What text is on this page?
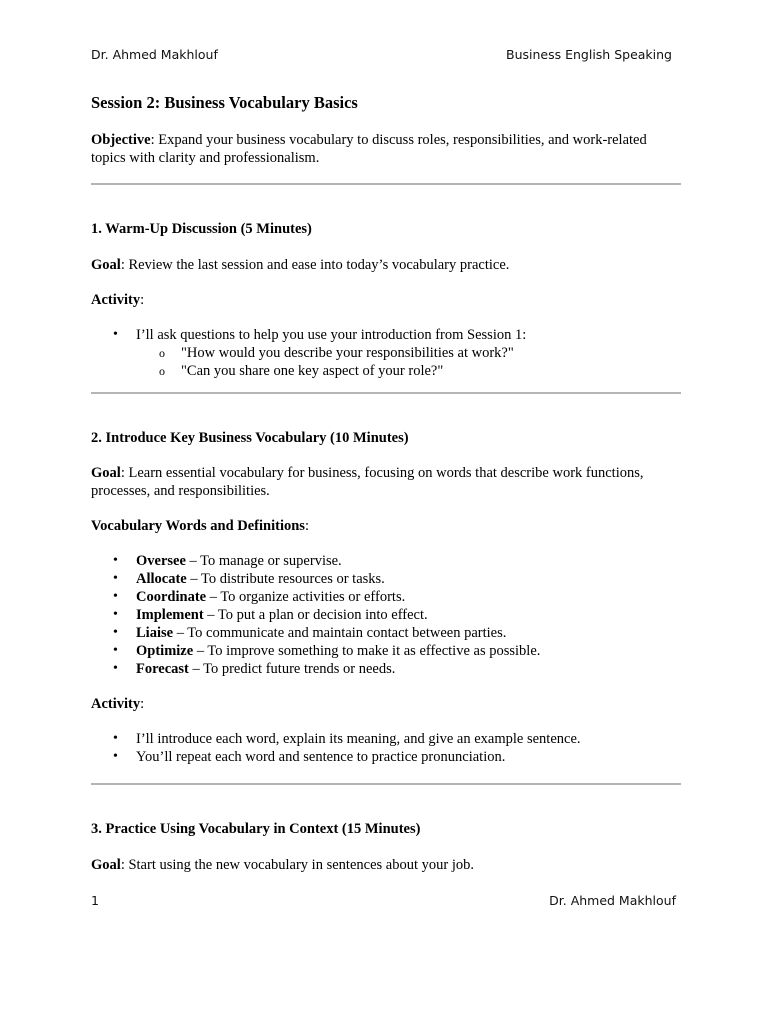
Dr. Ahmed Makhlouf	Business English Speaking
Session 2: Business Vocabulary Basics

Objective: Expand your business vocabulary to discuss roles, responsibilities, and work-related topics with clarity and professionalism.

1. Warm-Up Discussion (5 Minutes)

Goal: Review the last session and ease into today’s vocabulary practice.

Activity:

• I’ll ask questions to help you use your introduction from Session 1:
o "How would you describe your responsibilities at work?"
o "Can you share one key aspect of your role?"
2. Introduce Key Business Vocabulary (10 Minutes)

Goal: Learn essential vocabulary for business, focusing on words that describe work functions, processes, and responsibilities.

Vocabulary Words and Definitions:

• Oversee – To manage or supervise.
• Allocate – To distribute resources or tasks.
• Coordinate – To organize activities or efforts.
• Implement – To put a plan or decision into effect.
• Liaise – To communicate and maintain contact between parties.
• Optimize – To improve something to make it as effective as possible.
• Forecast – To predict future trends or needs.

Activity:

• I’ll introduce each word, explain its meaning, and give an example sentence.
• You’ll repeat each word and sentence to practice pronunciation.
3. Practice Using Vocabulary in Context (15 Minutes)

Goal: Start using the new vocabulary in sentences about your job.

1	Dr. Ahmed Makhlouf
